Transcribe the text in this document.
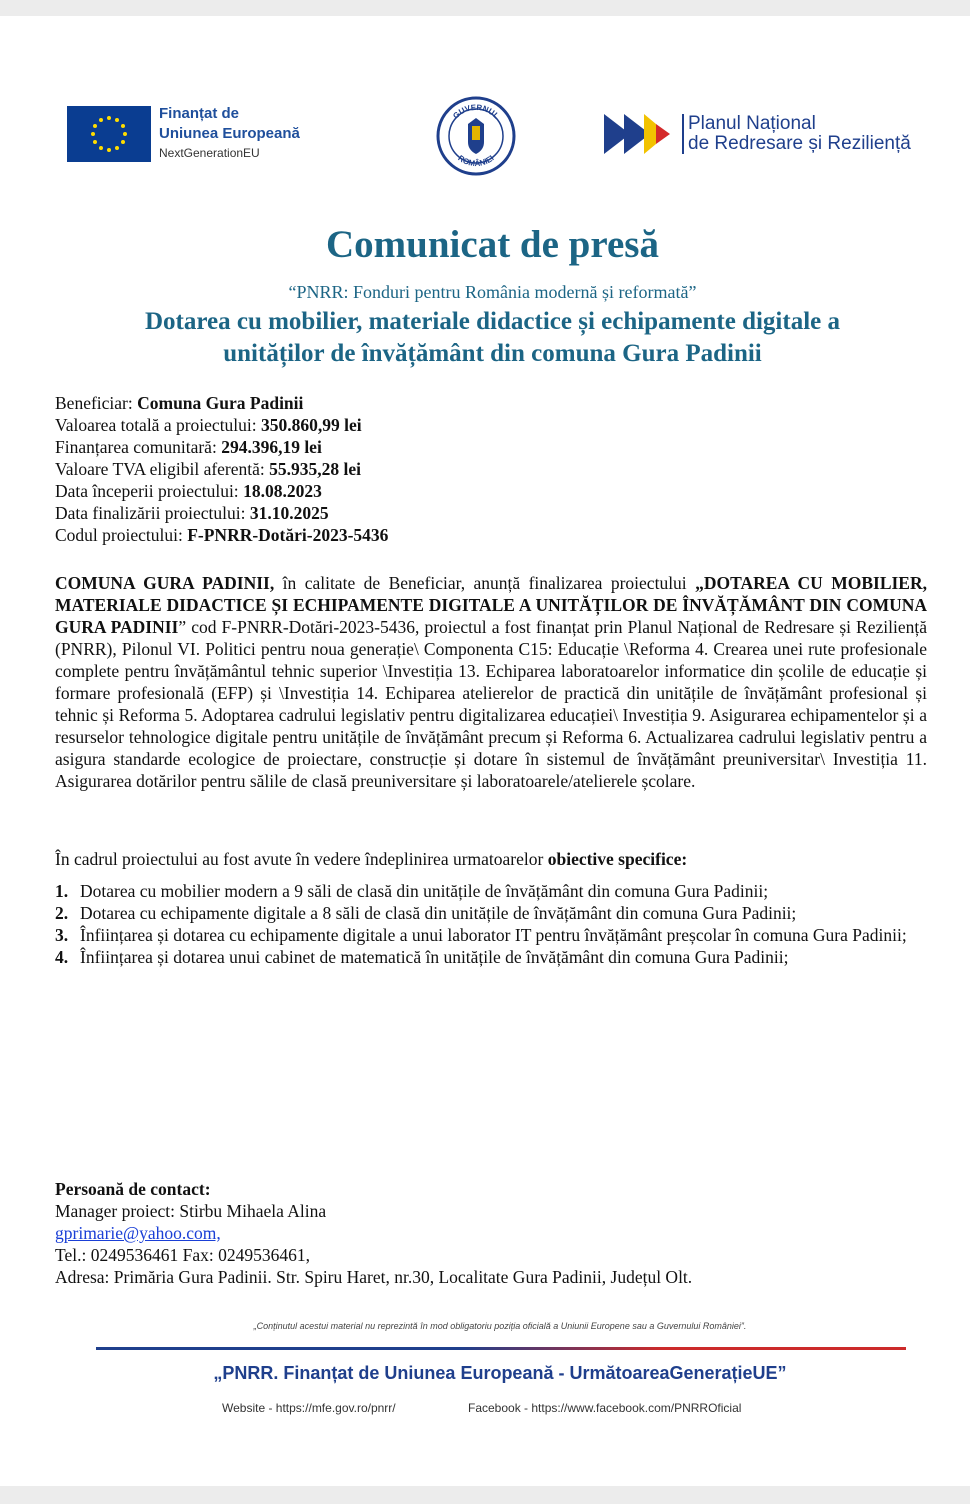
Finanțat de
Uniunea Europeană
NextGenerationEU
GUVERNUL
ROMÂNIEI
Planul Național
de Redresare și Reziliență
Comunicat de presă
“PNRR: Fonduri pentru România modernă și reformată”
Dotarea cu mobilier, materiale didactice și echipamente digitale a
unităților de învățământ din comuna Gura Padinii
Beneficiar: Comuna Gura Padinii
Valoarea totală a proiectului: 350.860,99 lei
Finanțarea comunitară: 294.396,19 lei
Valoare TVA eligibil aferentă: 55.935,28 lei
Data începerii proiectului: 18.08.2023
Data finalizării proiectului: 31.10.2025
Codul proiectului: F-PNRR-Dotări-2023-5436
COMUNA GURA PADINII, în calitate de Beneficiar, anunță finalizarea proiectului „DOTAREA CU MOBILIER, MATERIALE DIDACTICE ȘI ECHIPAMENTE DIGITALE A UNITĂȚILOR DE ÎNVĂȚĂMÂNT DIN COMUNA GURA PADINII” cod F-PNRR-Dotări-2023-5436, proiectul a fost finanțat prin Planul Național de Redresare și Reziliență (PNRR), Pilonul VI. Politici pentru noua generație\ Componenta C15: Educație \Reforma 4. Crearea unei rute profesionale complete pentru învățământul tehnic superior \Investiția 13. Echiparea laboratoarelor informatice din școlile de educație și formare profesională (EFP) și \Investiția 14. Echiparea atelierelor de practică din unitățile de învățământ profesional și tehnic și Reforma 5. Adoptarea cadrului legislativ pentru digitalizarea educației\ Investiția 9. Asigurarea echipamentelor și a resurselor tehnologice digitale pentru unitățile de învățământ precum și Reforma 6. Actualizarea cadrului legislativ pentru a asigura standarde ecologice de proiectare, construcție și dotare în sistemul de învățământ preuniversitar\ Investiția 11. Asigurarea dotărilor pentru sălile de clasă preuniversitare și laboratoarele/atelierele școlare.
În cadrul proiectului au fost avute în vedere îndeplinirea urmatoarelor obiective specifice:
1. Dotarea cu mobilier modern a 9 săli de clasă din unitățile de învățământ din comuna Gura Padinii;
2. Dotarea cu echipamente digitale a 8 săli de clasă din unitățile de învățământ din comuna Gura Padinii;
3. Înființarea și dotarea cu echipamente digitale a unui laborator IT pentru învățământ preșcolar în comuna Gura Padinii;
4. Înființarea și dotarea unui cabinet de matematică în unitățile de învățământ din comuna Gura Padinii;
Persoană de contact:
Manager proiect: Stirbu Mihaela Alina
gprimarie@yahoo.com,
Tel.: 0249536461 Fax: 0249536461,
Adresa: Primăria Gura Padinii. Str. Spiru Haret, nr.30, Localitate Gura Padinii, Județul Olt.
„Conținutul acestui material nu reprezintă în mod obligatoriu poziția oficială a Uniunii Europene sau a Guvernului României”.
„PNRR. Finanțat de Uniunea Europeană - UrmătoareaGenerațieUE”
Website - https://mfe.gov.ro/pnrr/	Facebook - https://www.facebook.com/PNRROficial
